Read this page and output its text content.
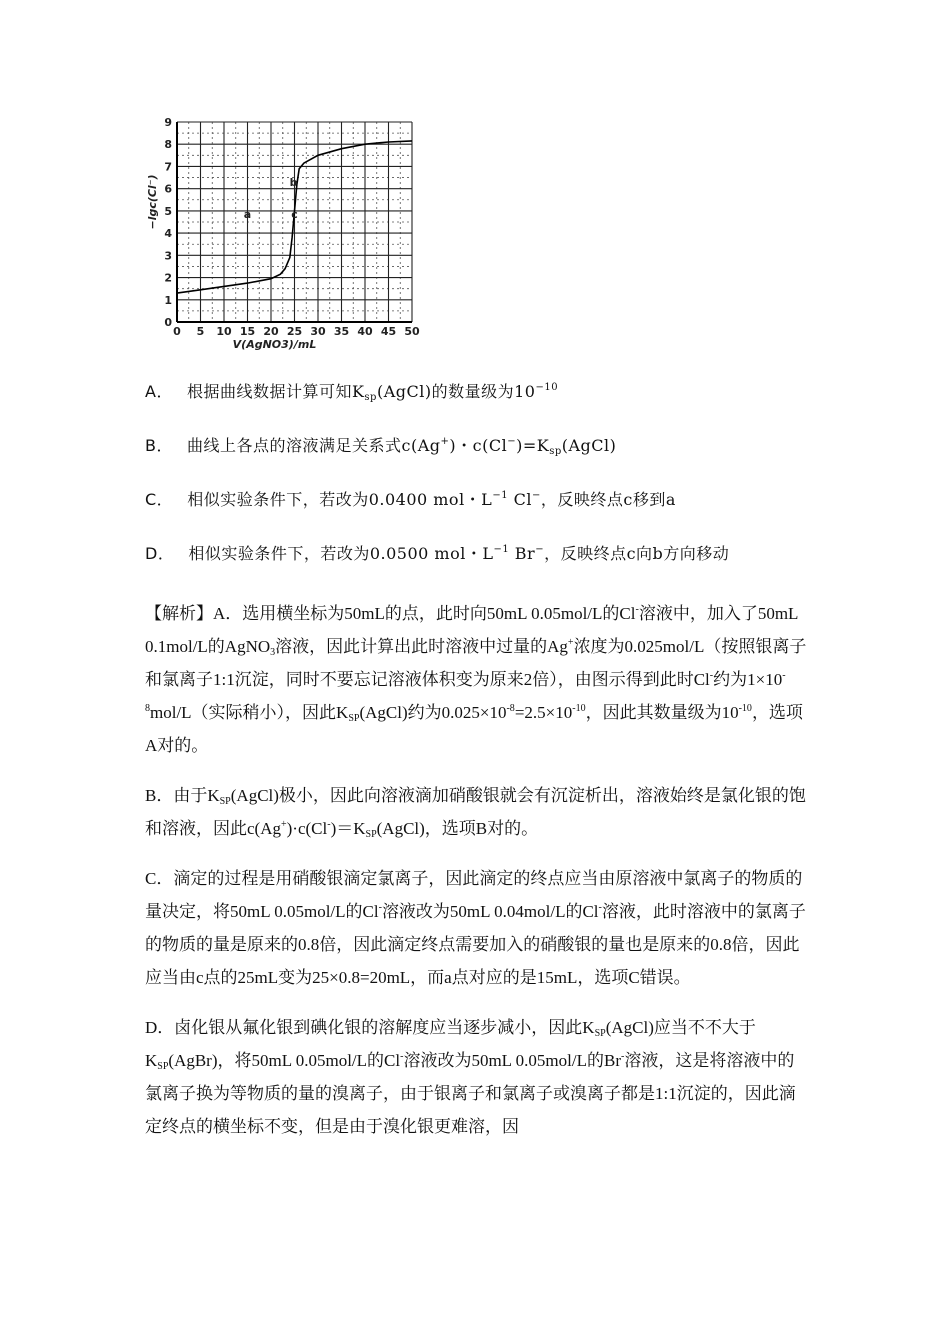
0 5 10 15 20 25 30 35 40 45 50
0
1
2
3
4
5
6
7
8
9
V(AgNO3)/mL
−lgc(Cl⁻)	a
b
c
A． 根据曲线数据计算可知$K_{sp}(AgCl)$的数量级为$10^{-10}$
B． 曲线上各点的溶液满足关系式c(Ag+)・$c(Cl^-)=K_{sp}(AgCl)$
C． 相似实验条件下，若改为0.0400 mol・$L^{-1}$ Cl−，反映终点c移到a
D． 相似实验条件下，若改为0.0500 mol・$L^{-1}$ Br−，反映终点c向b方向移动

【解析】A．选用横坐标为50mL的点，此时向50mL 0.05mol/L的Cl-溶液中，加入了50mL 0.1mol/L的AgNO$_3$溶液，因此计算出此时溶液中过量的Ag+浓度为0.025mol/L（按照银离子和氯离子1:1沉淀，同时不要忘记溶液体积变为原来2倍），由图示得到此时Cl-约为$1\times 10^{-8}mol/L$（实际稍小），因此$K_{SP}(AgCl)$约为$0.025\times 10^{-8}=2.5\times 10^{-10}$，因此其数量级为$10^{-10}$，选项A对的。

B．由于$K_{SP}(AgCl)$极小，因此向溶液滴加硝酸银就会有沉淀析出，溶液始终是氯化银的饱和溶液，因此$c(Ag^+)\cdot c(Cl^-)=K_{SP}(AgCl)$，选项B对的。

C．滴定的过程是用硝酸银滴定氯离子，因此滴定的终点应当由原溶液中氯离子的物质的量决定，将50mL 0.05mol/L的Cl-溶液改为50mL 0.04mol/L的Cl-溶液，此时溶液中的氯离子的物质的量是原来的0.8倍，因此滴定终点需要加入的硝酸银的量也是原来的0.8倍，因此应当由c点的25mL变为25×0.8=20mL，而a点对应的是15mL，选项C错误。

D．卤化银从氟化银到碘化银的溶解度应当逐步减小，因此$K_{SP}(AgCl)$应当不不大于$K_{SP}(AgBr)$，将50mL 0.05mol/L的Cl-溶液改为50mL 0.05mol/L的Br-溶液，这是将溶液中的氯离子换为等物质的量的溴离子，由于银离子和氯离子或溴离子都是1:1沉淀的，因此滴定终点的横坐标不变，但是由于溴化银更难溶，因
